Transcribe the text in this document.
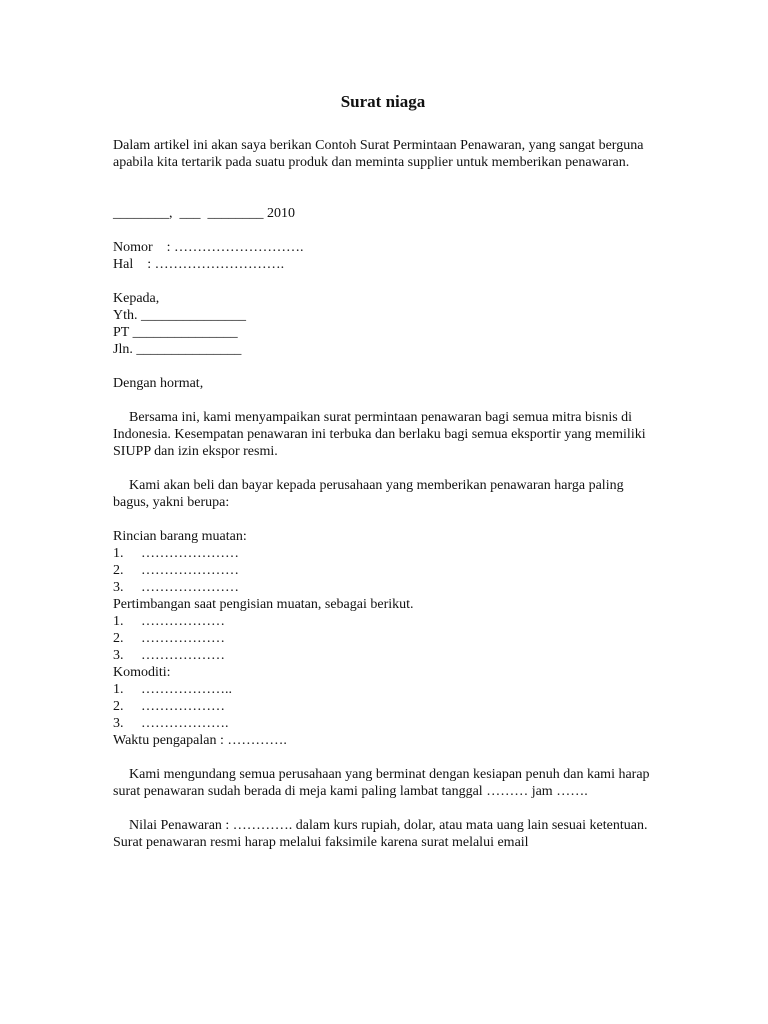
Surat niaga

Dalam artikel ini akan saya berikan Contoh Surat Permintaan Penawaran, yang sangat berguna apabila kita tertarik pada suatu produk dan meminta supplier untuk memberikan penawaran.

________,  ___  ________ 2010

Nomor    : ……………………….

Hal    : ……………………….

Kepada,

Yth. _______________

PT _______________

Jln. _______________

Dengan hormat,

Bersama ini, kami menyampaikan surat permintaan penawaran bagi semua mitra bisnis di Indonesia. Kesempatan penawaran ini terbuka dan berlaku bagi semua eksportir yang memiliki SIUPP dan izin ekspor resmi.

Kami akan beli dan bayar kepada perusahaan yang memberikan penawaran harga paling bagus, yakni berupa:

Rincian barang muatan:

1.	…………………
2.	…………………
3.	…………………

Pertimbangan saat pengisian muatan, sebagai berikut.

1.	………………
2.	………………
3.	………………

Komoditi:

1.	………………..
2.	………………
3.	……………….

Waktu pengapalan : ………….

Kami mengundang semua perusahaan yang berminat dengan kesiapan penuh dan kami harap surat penawaran sudah berada di meja kami paling lambat tanggal ……… jam …….

Nilai Penawaran : …………. dalam kurs rupiah, dolar, atau mata uang lain sesuai ketentuan. Surat penawaran resmi harap melalui faksimile karena surat melalui email
